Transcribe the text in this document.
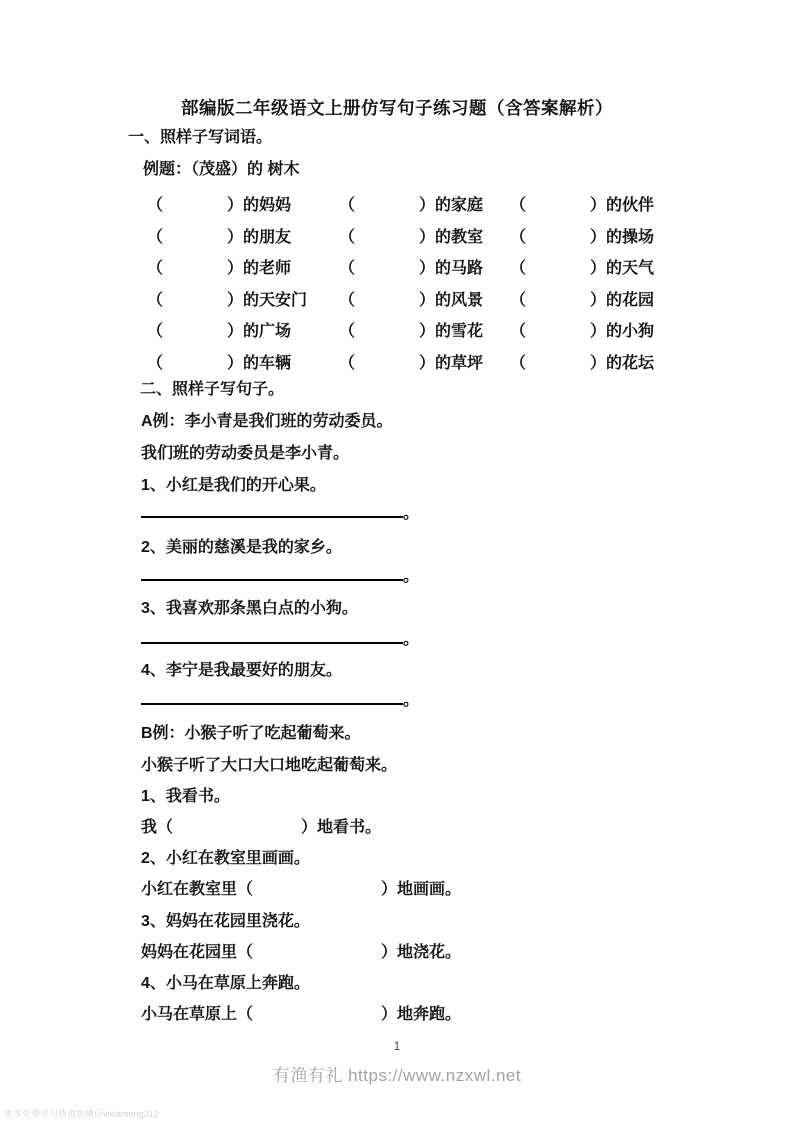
部编版二年级语文上册仿写句子练习题（含答案解析）
一、照样子写词语。
例题：（茂盛）的 树木
（	）的妈妈	（	）的家庭 （	）的伙伴
（	）的朋友	（	）的教室 （	）的操场
（	）的老师	（	）的马路 （	）的天气
（	）的天安门 （	）的风景 （	）的花园
（	）的广场	（	）的雪花 （	）的小狗
（	）的车辆	（	）的草坪 （	）的花坛
二、照样子写句子。
A例：李小青是我们班的劳动委员。
我们班的劳动委员是李小青。
1、小红是我们的开心果。
。
2、美丽的慈溪是我的家乡。
。
3、我喜欢那条黑白点的小狗。
。
4、李宁是我最要好的朋友。
。
B例：小猴子听了吃起葡萄来。
小猴子听了大口大口地吃起葡萄来。
1、我看书。
我（	）地看书。
2、小红在教室里画画。
小红在教室里（	）地画画。
3、妈妈在花园里浇花。
妈妈在花园里（	）地浇花。
4、小马在草原上奔跑。
小马在草原上（	）地奔跑。
1
有渔有礼 https://www.nzxwl.net
更多免费学习资源加微信vixiantong312
